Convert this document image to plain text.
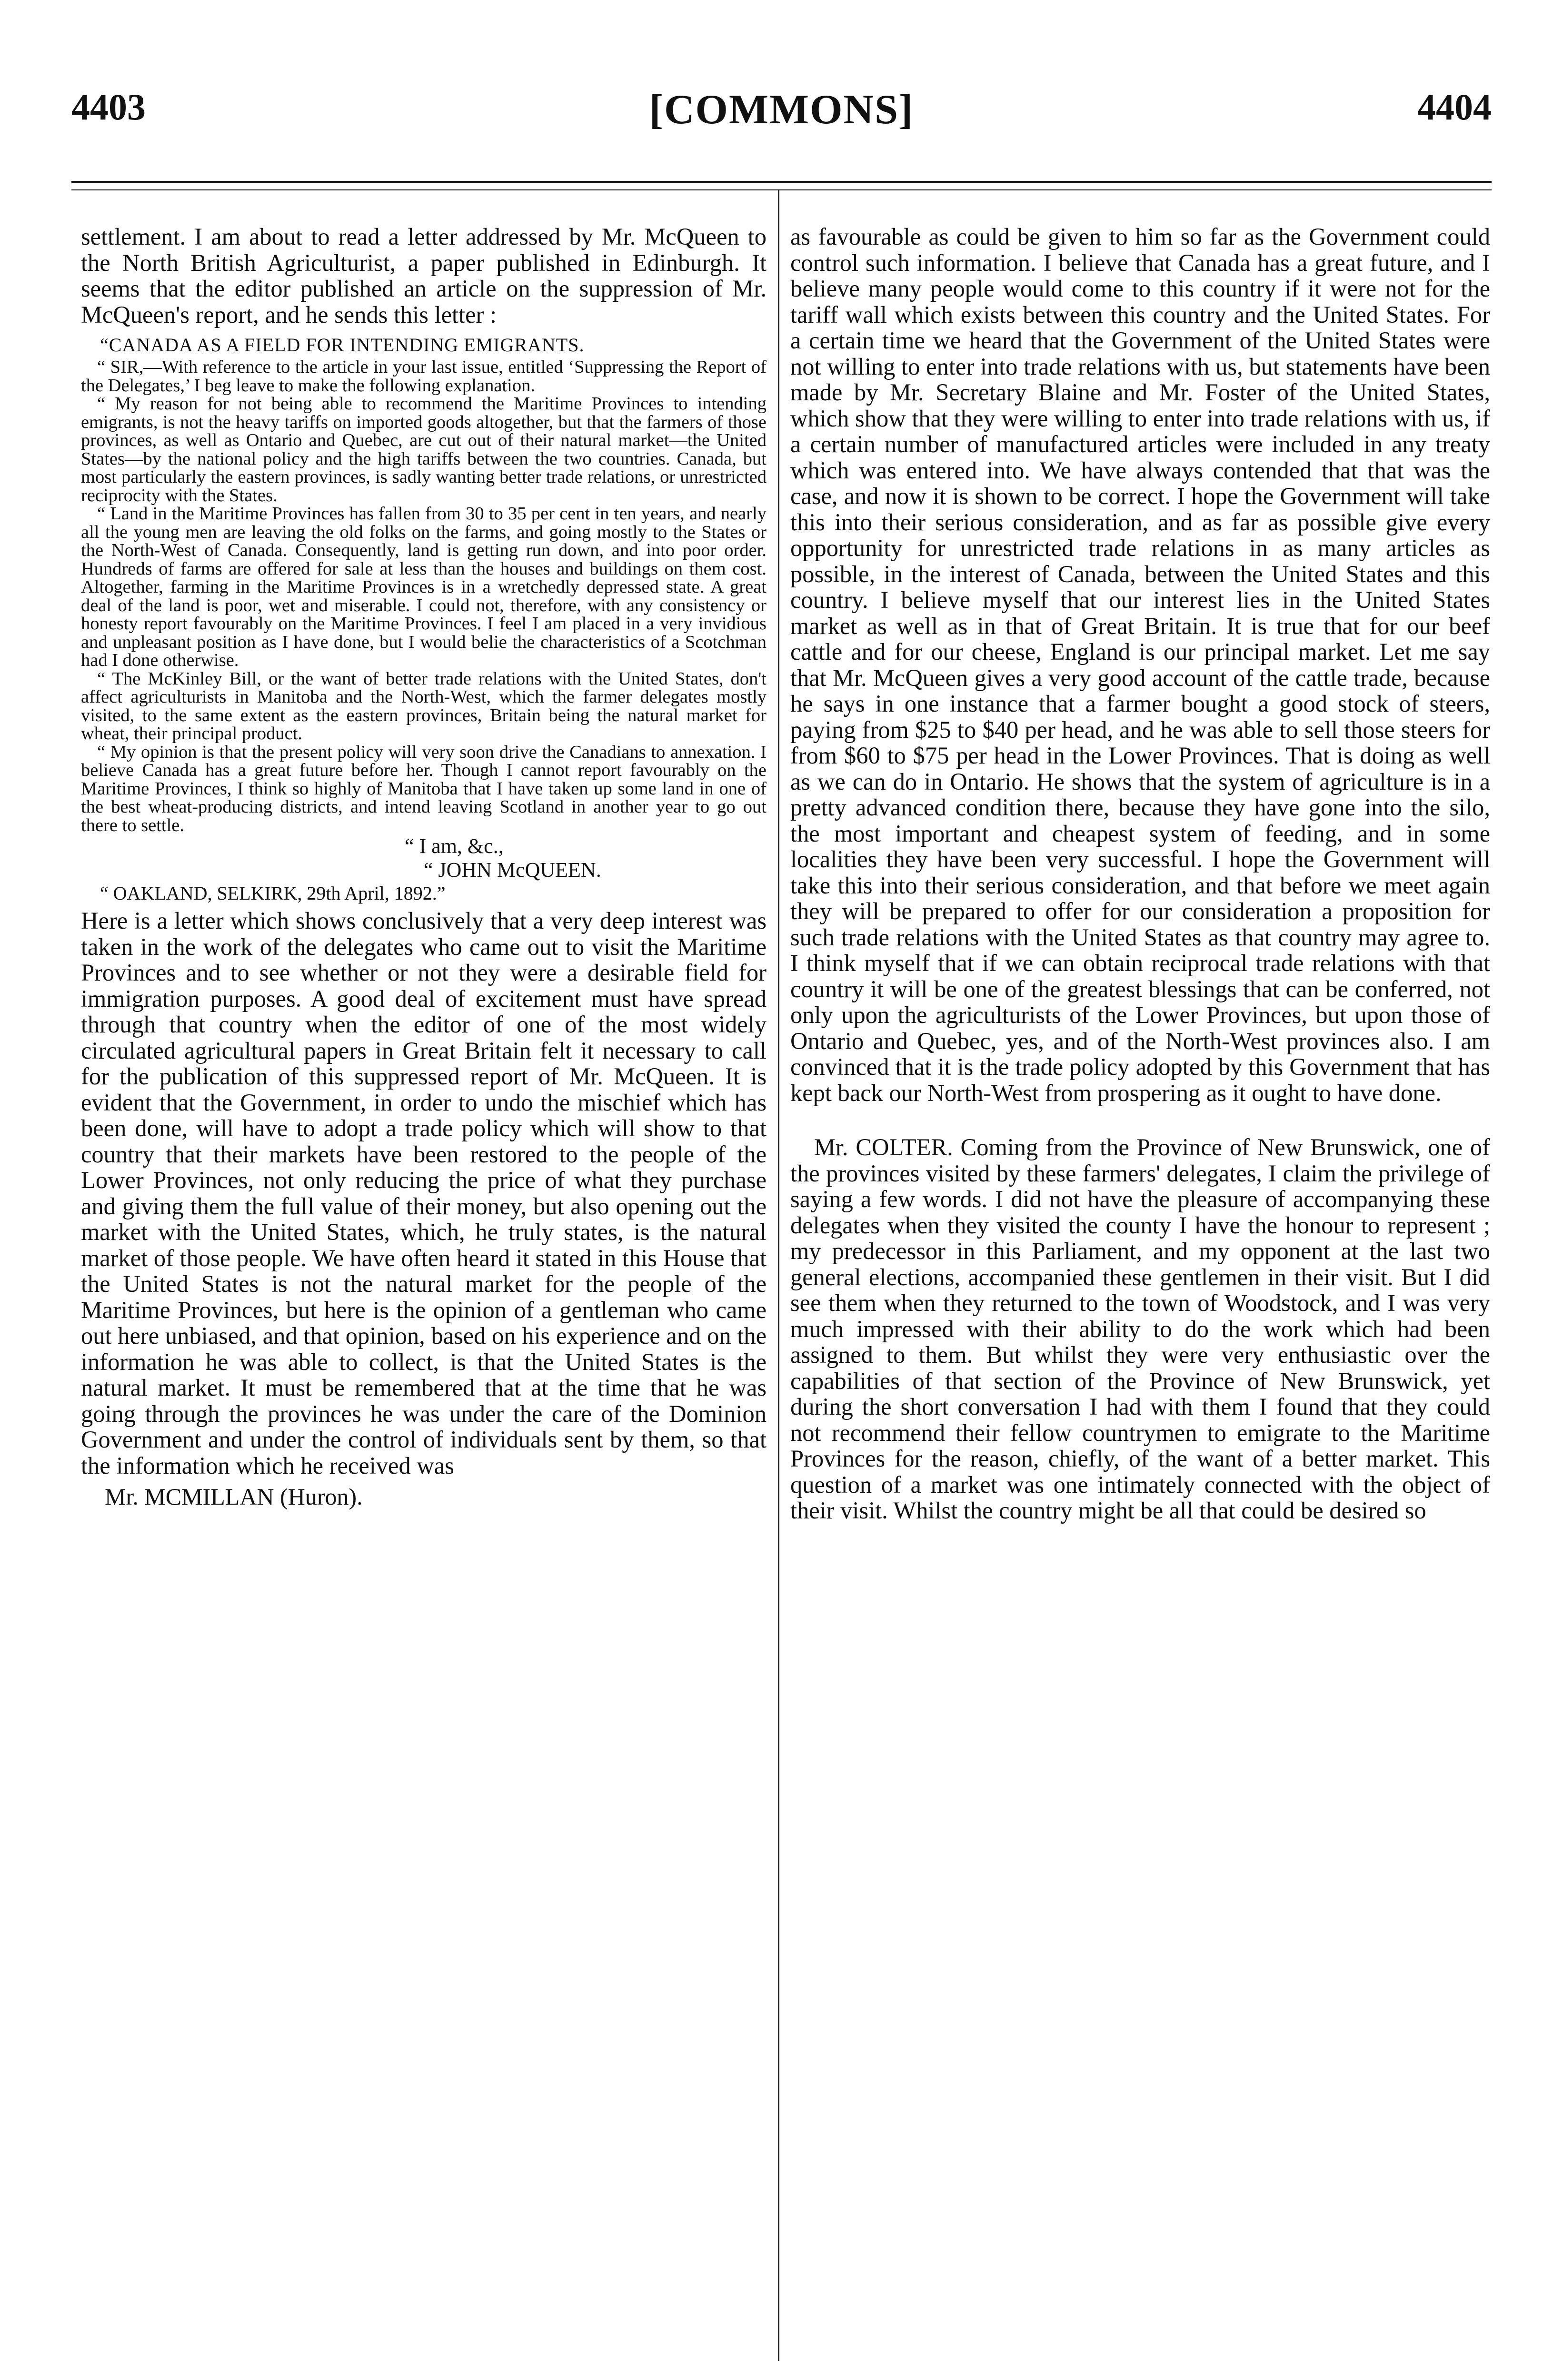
4403	[COMMONS]	4404

settlement. I am about to read a letter addressed by Mr. McQueen to the North British Agriculturist, a paper published in Edinburgh. It seems that the editor published an article on the suppression of Mr. McQueen's report, and he sends this letter :

“CANADA AS A FIELD FOR INTENDING EMIGRANTS.

“ SIR,—With reference to the article in your last issue, entitled ‘Suppressing the Report of the Delegates,’ I beg leave to make the following explanation.

“ My reason for not being able to recommend the Maritime Provinces to intending emigrants, is not the heavy tariffs on imported goods altogether, but that the farmers of those provinces, as well as Ontario and Quebec, are cut out of their natural market—the United States—by the national policy and the high tariffs between the two countries. Canada, but most particularly the eastern provinces, is sadly wanting better trade relations, or unrestricted reciprocity with the States.

“ Land in the Maritime Provinces has fallen from 30 to 35 per cent in ten years, and nearly all the young men are leaving the old folks on the farms, and going mostly to the States or the North-West of Canada. Consequently, land is getting run down, and into poor order. Hundreds of farms are offered for sale at less than the houses and buildings on them cost. Altogether, farming in the Maritime Provinces is in a wretchedly depressed state. A great deal of the land is poor, wet and miserable. I could not, therefore, with any consistency or honesty report favourably on the Maritime Provinces. I feel I am placed in a very invidious and unpleasant position as I have done, but I would belie the characteristics of a Scotchman had I done otherwise.

“ The McKinley Bill, or the want of better trade relations with the United States, don't affect agriculturists in Manitoba and the North-West, which the farmer delegates mostly visited, to the same extent as the eastern provinces, Britain being the natural market for wheat, their principal product.

“ My opinion is that the present policy will very soon drive the Canadians to annexation. I believe Canada has a great future before her. Though I cannot report favourably on the Maritime Provinces, I think so highly of Manitoba that I have taken up some land in one of the best wheat-producing districts, and intend leaving Scotland in another year to go out there to settle.

“ I am, &c.,

“ JOHN McQUEEN.

“ OAKLAND, SELKIRK, 29th April, 1892.”

Here is a letter which shows conclusively that a very deep interest was taken in the work of the delegates who came out to visit the Maritime Provinces and to see whether or not they were a desirable field for immigration purposes. A good deal of excitement must have spread through that country when the editor of one of the most widely circulated agricultural papers in Great Britain felt it necessary to call for the publication of this suppressed report of Mr. McQueen. It is evident that the Government, in order to undo the mischief which has been done, will have to adopt a trade policy which will show to that country that their markets have been restored to the people of the Lower Provinces, not only reducing the price of what they purchase and giving them the full value of their money, but also opening out the market with the United States, which, he truly states, is the natural market of those people. We have often heard it stated in this House that the United States is not the natural market for the people of the Maritime Provinces, but here is the opinion of a gentleman who came out here unbiased, and that opinion, based on his experience and on the information he was able to collect, is that the United States is the natural market. It must be remembered that at the time that he was going through the provinces he was under the care of the Dominion Government and under the control of individuals sent by them, so that the information which he received was

Mr. MCMILLAN (Huron).

as favourable as could be given to him so far as the Government could control such information. I believe that Canada has a great future, and I believe many people would come to this country if it were not for the tariff wall which exists between this country and the United States. For a certain time we heard that the Government of the United States were not willing to enter into trade relations with us, but statements have been made by Mr. Secretary Blaine and Mr. Foster of the United States, which show that they were willing to enter into trade relations with us, if a certain number of manufactured articles were included in any treaty which was entered into. We have always contended that that was the case, and now it is shown to be correct. I hope the Government will take this into their serious consideration, and as far as possible give every opportunity for unrestricted trade relations in as many articles as possible, in the interest of Canada, between the United States and this country. I believe myself that our interest lies in the United States market as well as in that of Great Britain. It is true that for our beef cattle and for our cheese, England is our principal market. Let me say that Mr. McQueen gives a very good account of the cattle trade, because he says in one instance that a farmer bought a good stock of steers, paying from $25 to $40 per head, and he was able to sell those steers for from $60 to $75 per head in the Lower Provinces. That is doing as well as we can do in Ontario. He shows that the system of agriculture is in a pretty advanced condition there, because they have gone into the silo, the most important and cheapest system of feeding, and in some localities they have been very successful. I hope the Government will take this into their serious consideration, and that before we meet again they will be prepared to offer for our consideration a proposition for such trade relations with the United States as that country may agree to. I think myself that if we can obtain reciprocal trade relations with that country it will be one of the greatest blessings that can be conferred, not only upon the agriculturists of the Lower Provinces, but upon those of Ontario and Quebec, yes, and of the North-West provinces also. I am convinced that it is the trade policy adopted by this Government that has kept back our North-West from prospering as it ought to have done.

Mr. COLTER. Coming from the Province of New Brunswick, one of the provinces visited by these farmers' delegates, I claim the privilege of saying a few words. I did not have the pleasure of accompanying these delegates when they visited the county I have the honour to represent ; my predecessor in this Parliament, and my opponent at the last two general elections, accompanied these gentlemen in their visit. But I did see them when they returned to the town of Woodstock, and I was very much impressed with their ability to do the work which had been assigned to them. But whilst they were very enthusiastic over the capabilities of that section of the Province of New Brunswick, yet during the short conversation I had with them I found that they could not recommend their fellow countrymen to emigrate to the Maritime Provinces for the reason, chiefly, of the want of a better market. This question of a market was one intimately connected with the object of their visit. Whilst the country might be all that could be desired so
